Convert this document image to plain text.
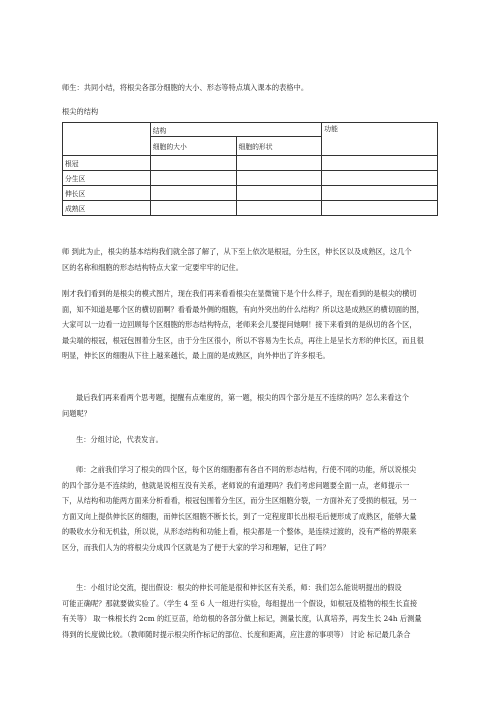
师生：共同小结，将根尖各部分细胞的大小、形态等特点填入课本的表格中。
根尖的结构
	结构		功能
	细胞的大小	细胞的形状	
根冠			
分生区			
伸长区			
成熟区			
师 到此为止，根尖的基本结构我们就全部了解了，从下至上依次是根冠，分生区，伸长区以及成熟区，这几个
区的名称和细胞的形态结构特点大家一定要牢牢的记住。
刚才我们看到的是根尖的模式图片，现在我们再来看看根尖在显微镜下是个什么样子，现在看到的是根尖的横切
面，知不知道是哪个区的横切面啊？看看最外侧的细胞，有向外突出的什么结构？所以这是成熟区的横切面的图，
大家可以一边看一边回顾每个区细胞的形态结构特点，老师来会儿要提问她啊！接下来看到的是纵切的各个区，
最尖端的根冠，根冠包围着分生区，由于分生区很小，所以不容易为生长点，再往上是呈长方形的伸长区，而且很
明显，伸长区的细胞从下往上越来越长，最上面的是成熟区，向外伸出了许多根毛。
最后我们再来看两个思考题，提醒有点难度的，第一题，根尖的四个部分是互不连续的吗？怎么来看这个
问题呢？
生：分组讨论，代表发言。
师：之前我们学习了根尖的四个区，每个区的细胞都有各自不同的形态结构，行使不同的功能，所以说根尖
的四个部分是不连续的，他就是说相互没有关系，老师说的有道理吗？我们考虑问题要全面一点，老师提示一
下，从结构和功能两方面来分析看看，根冠包围着分生区，而分生区细胞分裂，一方面补充了受损的根冠，另一
方面又向上提供伸长区的细胞，而伸长区细胞不断长长，到了一定程度即长出根毛后便形成了成熟区，能够大量
的吸收水分和无机盐，所以说，从形态结构和功能上看，根尖都是一个整体，是连续过渡的，没有严格的界限来
区分，而我们人为的将根尖分成四个区就是为了便于大家的学习和理解，记住了吗？
生：小组讨论交流，提出假设：根尖的伸长可能是很和伸长区有关系，师：我们怎么能说明提出的假设
可能正确呢？那就要做实验了。（学生 4 至 6 人一组进行实验，每组提出一个假设，如根冠及植物的根生长直接
有关等） 取一株根长约 2cm 的红豆苗，给幼根的各部分做上标记，测量长度，认真培养，再发生长 24h 后测量
得到的长度做比较。（教师随时提示根尖所作标记的部位、长度和距离，应注意的事项等） 讨论 标记最几条合
